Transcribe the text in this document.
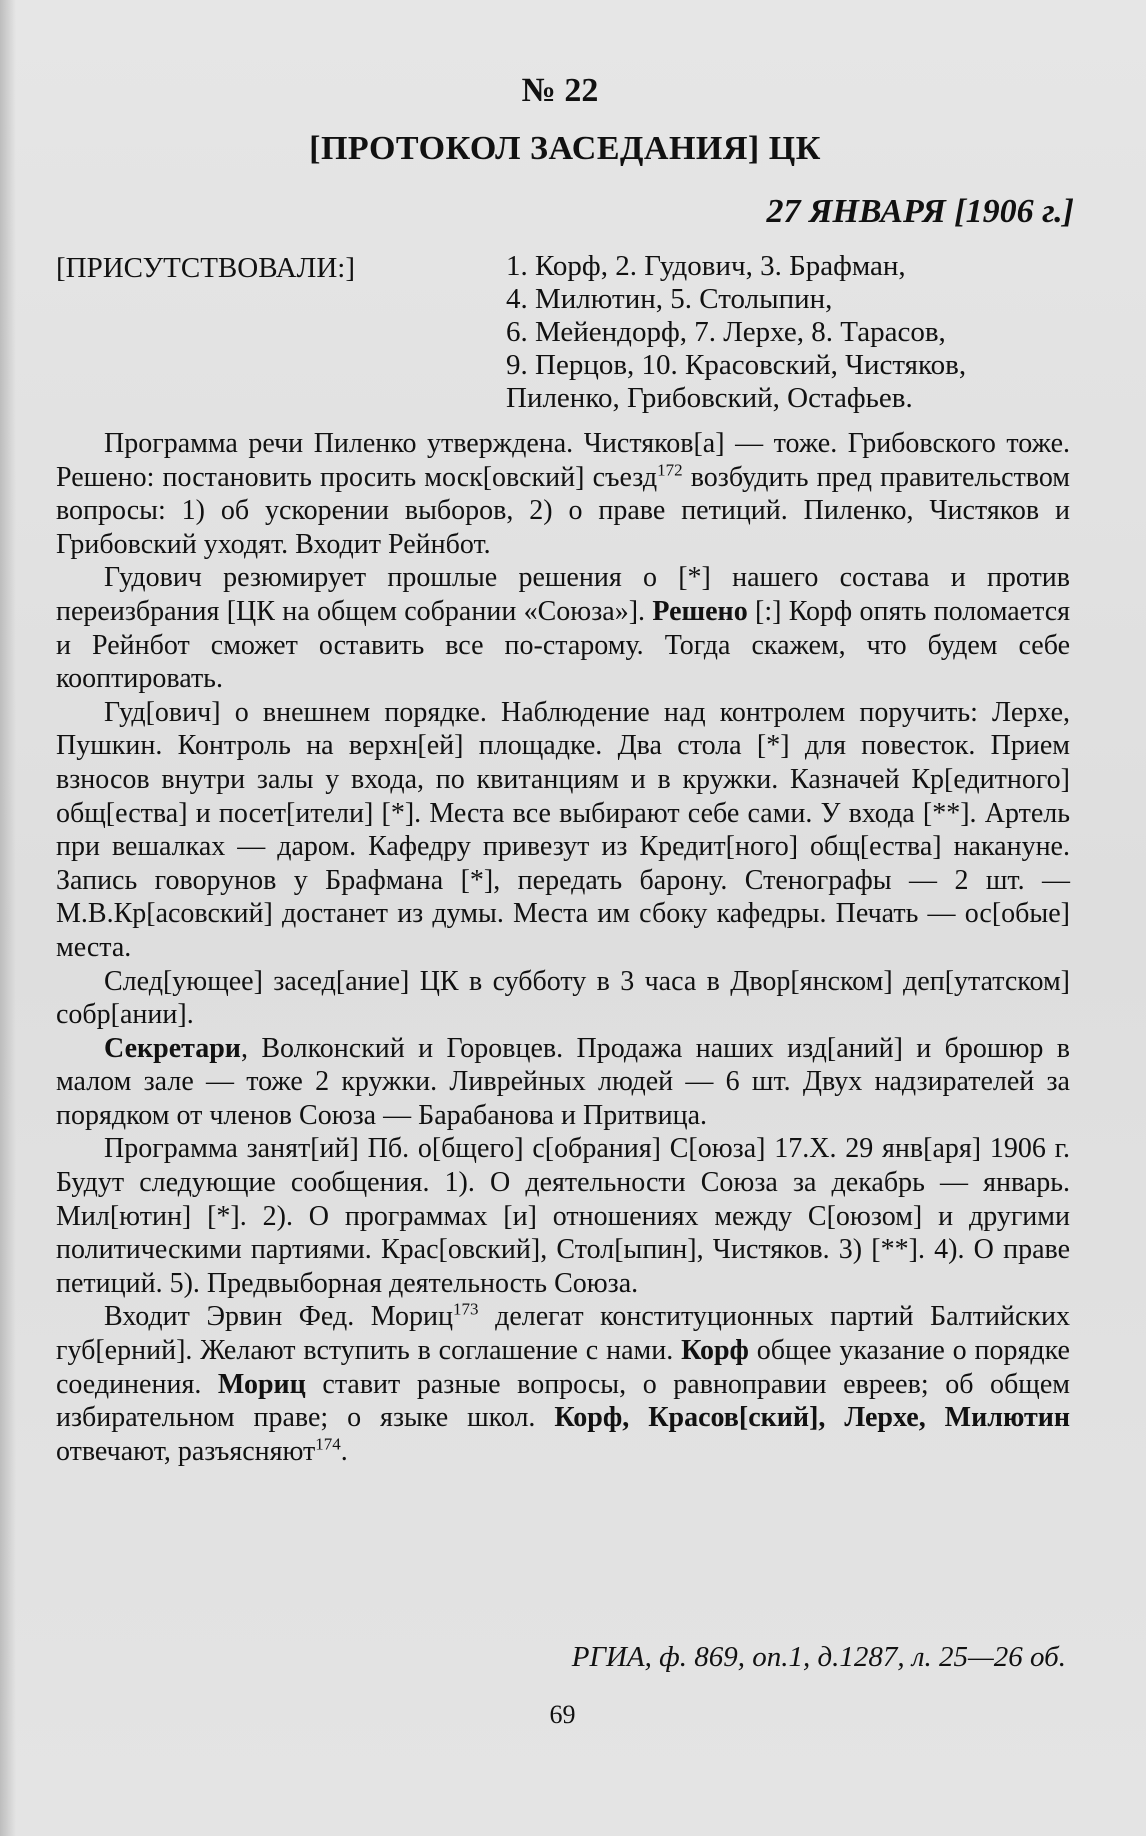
№ 22
[ПРОТОКОЛ ЗАСЕДАНИЯ] ЦК
27 ЯНВАРЯ [1906 г.]
[ПРИСУТСТВОВАЛИ:]	1. Корф, 2. Гудович, 3. Брафман,
4. Милютин, 5. Столыпин,
6. Мейендорф, 7. Лерхе, 8. Тарасов,
9. Перцов, 10. Красовский, Чистяков,
Пиленко, Грибовский, Остафьев.

Программа речи Пиленко утверждена. Чистяков[а] — тоже. Грибовского тоже. Решено: постановить просить моск[овский] съезд$^{172}$ возбудить пред правительством вопросы: 1) об ускорении выборов, 2) о праве петиций. Пиленко, Чистяков и Грибовский уходят. Входит Рейнбот.

Гудович резюмирует прошлые решения о [*] нашего состава и против переизбрания [ЦК на общем собрании «Союза»]. Решено [:] Корф опять поломается и Рейнбот сможет оставить все по-старому. Тогда скажем, что будем себе кооптировать.

Гуд[ович] о внешнем порядке. Наблюдение над контролем поручить: Лерхе, Пушкин. Контроль на верхн[ей] площадке. Два стола [*] для повесток. Прием взносов внутри залы у входа, по квитанциям и в кружки. Казначей Кр[едитного] общ[ества] и посет[ители] [*]. Места все выбирают себе сами. У входа [**]. Артель при вешалках — даром. Кафедру привезут из Кредит[ного] общ[ества] накануне. Запись говорунов у Брафмана [*], передать барону. Стенографы — 2 шт. — М.В.Кр[асовский] достанет из думы. Места им сбоку кафедры. Печать — ос[обые] места.

След[ующее] засед[ание] ЦК в субботу в 3 часа в Двор[янском] деп[утатском] собр[ании].

Секретари, Волконский и Горовцев. Продажа наших изд[аний] и брошюр в малом зале — тоже 2 кружки. Ливрейных людей — 6 шт. Двух надзирателей за порядком от членов Союза — Барабанова и Притвица.

Программа занят[ий] Пб. о[бщего] с[обрания] С[оюза] 17.Х. 29 янв[аря] 1906 г. Будут следующие сообщения. 1). О деятельности Союза за декабрь — январь. Мил[ютин] [*]. 2). О программах [и] отношениях между С[оюзом] и другими политическими партиями. Крас[овский], Стол[ыпин], Чистяков. 3) [**]. 4). О праве петиций. 5). Предвыборная деятельность Союза.

Входит Эрвин Фед. Мориц$^{173}$ делегат конституционных партий Балтийских губ[ерний]. Желают вступить в соглашение с нами. Корф общее указание о порядке соединения. Мориц ставит разные вопросы, о равноправии евреев; об общем избирательном праве; о языке школ. Корф, Красов[ский], Лерхе, Милютин отвечают, разъясняют$^{174}$.

РГИА, ф. 869, оп.1, д.1287, л. 25—26 об.
69
